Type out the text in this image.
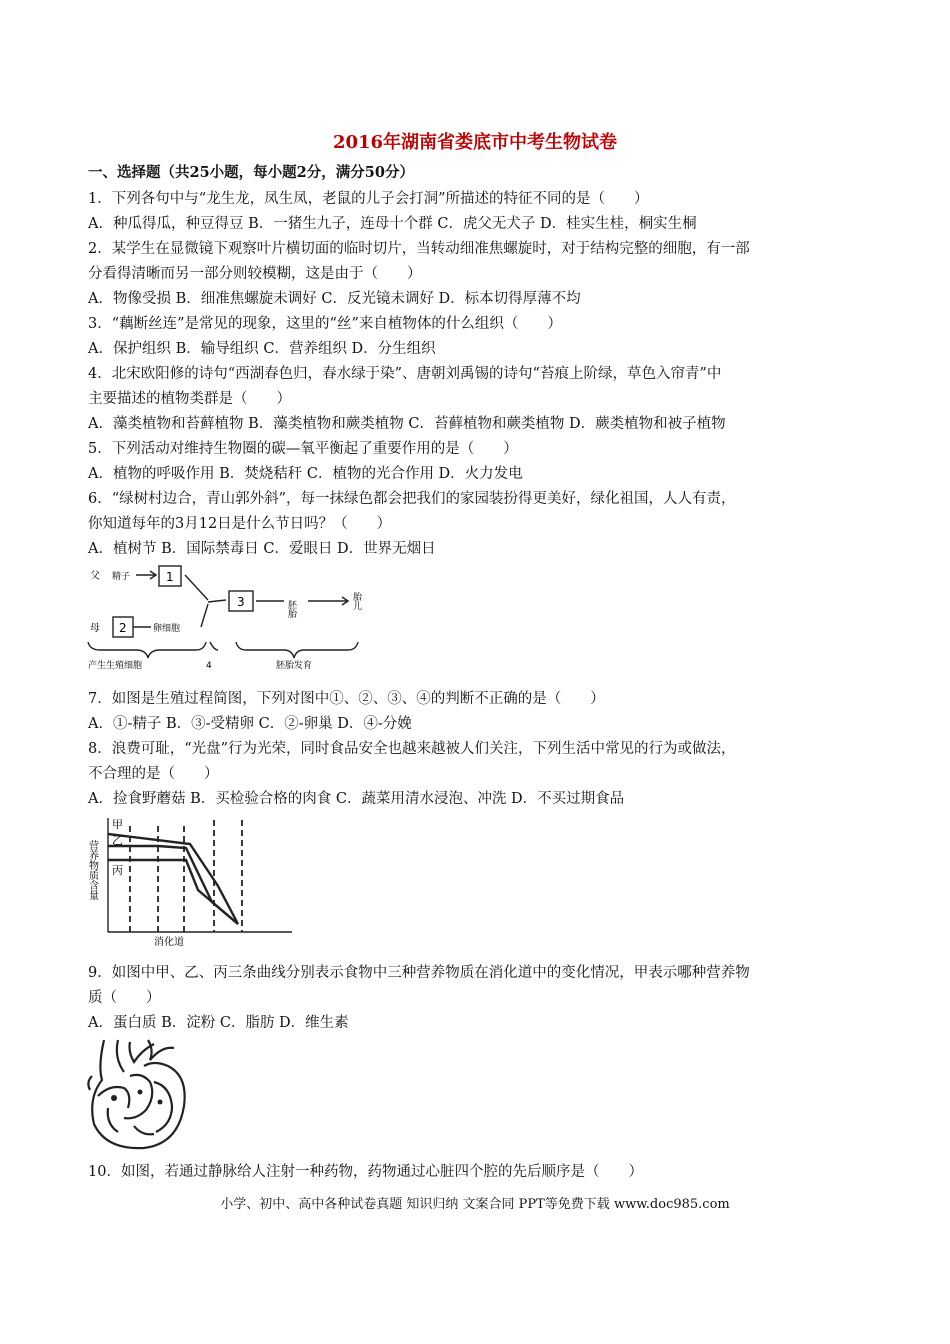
2016年湖南省娄底市中考生物试卷
一、选择题（共25小题，每小题2分，满分50分）
1．下列各句中与“龙生龙，凤生凤，老鼠的儿子会打洞”所描述的特征不同的是（　　）
A．种瓜得瓜，种豆得豆 B．一猪生九子，连母十个群 C．虎父无犬子 D．桂实生桂，桐实生桐
2．某学生在显微镜下观察叶片横切面的临时切片，当转动细准焦螺旋时，对于结构完整的细胞，有一部
分看得清晰而另一部分则较模糊，这是由于（　　）
A．物像受损 B．细准焦螺旋未调好 C．反光镜未调好 D．标本切得厚薄不均
3．“藕断丝连”是常见的现象，这里的“丝”来自植物体的什么组织（　　）
A．保护组织 B．输导组织 C．营养组织 D．分生组织
4．北宋欧阳修的诗句“西湖春色归，春水绿于染”、唐朝刘禹锡的诗句“苔痕上阶绿，草色入帘青”中
主要描述的植物类群是（　　）
A．藻类植物和苔藓植物 B．藻类植物和蕨类植物 C．苔藓植物和蕨类植物 D．蕨类植物和被子植物
5．下列活动对维持生物圈的碳—氧平衡起了重要作用的是（　　）
A．植物的呼吸作用 B．焚烧秸秆 C．植物的光合作用 D．火力发电
6．“绿树村边合，青山郭外斜”，每一抹绿色都会把我们的家园装扮得更美好，绿化祖国，人人有责，
你知道每年的3月12日是什么节日吗？（　　）
A．植树节 B．国际禁毒日 C．爱眼日 D．世界无烟日
父 精子	1
母 2	卵细胞
3	胚胎	胎儿
产生生殖细胞	4	胚胎发育
7．如图是生殖过程简图，下列对图中①、②、③、④的判断不正确的是（　　）
A．①-精子 B．③-受精卵 C．②-卵巢 D．④-分娩
8．浪费可耻，“光盘”行为光荣，同时食品安全也越来越被人们关注，下列生活中常见的行为或做法，
不合理的是（　　）
A．捡食野蘑菇 B．买检验合格的肉食 C．蔬菜用清水浸泡、冲洗 D．不买过期食品
甲
乙
丙
营养物质含量
消化道
9．如图中甲、乙、丙三条曲线分别表示食物中三种营养物质在消化道中的变化情况，甲表示哪种营养物
质（　　）
A．蛋白质 B．淀粉 C．脂肪 D．维生素
10．如图，若通过静脉给人注射一种药物，药物通过心脏四个腔的先后顺序是（　　）
小学、初中、高中各种试卷真题 知识归纳 文案合同 PPT等免费下载 www.doc985.com
